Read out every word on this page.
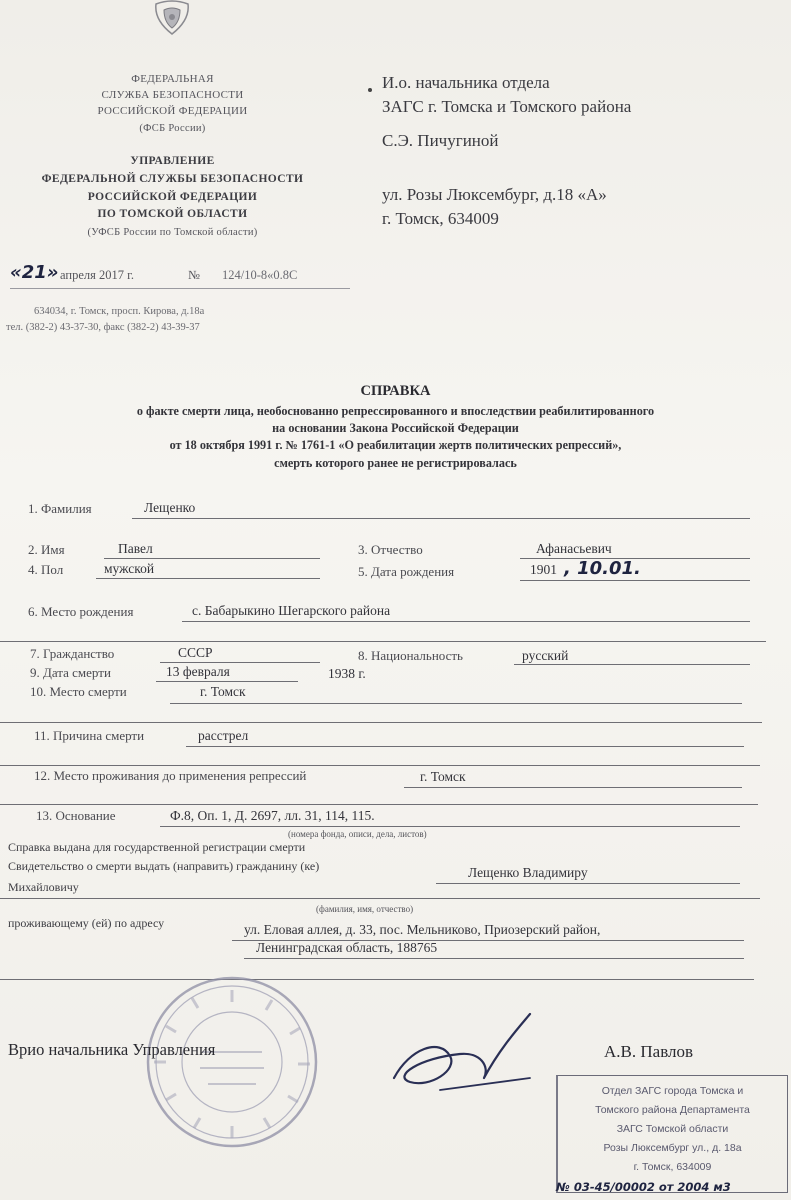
ФЕДЕРАЛЬНАЯ
СЛУЖБА БЕЗОПАСНОСТИ
РОССИЙСКОЙ ФЕДЕРАЦИИ
(ФСБ России)
УПРАВЛЕНИЕ
ФЕДЕРАЛЬНОЙ СЛУЖБЫ БЕЗОПАСНОСТИ
РОССИЙСКОЙ ФЕДЕРАЦИИ
ПО ТОМСКОЙ ОБЛАСТИ
(УФСБ России по Томской области)
«21» апреля 2017 г.	№ 124/10-8«0.8С
634034, г. Томск, просп. Кирова, д.18а
тел. (382-2) 43-37-30, факс (382-2) 43-39-37
И.о. начальника отдела
ЗАГС г. Томска и Томского района
С.Э. Пичугиной
ул. Розы Люксембург, д.18 «А»
г. Томск, 634009
СПРАВКА
о факте смерти лица, необоснованно репрессированного и впоследствии реабилитированного
на основании Закона Российской Федерации
от 18 октября 1991 г. № 1761-1 «О реабилитации жертв политических репрессий»,
смерть которого ранее не регистрировалась
1. Фамилия	Лещенко
2. Имя	Павел	3. Отчество	Афанасьевич
4. Пол	мужской	5. Дата рождения	1901 , 10.01.
6. Место рождения	с. Бабарыкино Шегарского района
7. Гражданство	СССР	8. Национальность	русский
9. Дата смерти	13 февраля	1938 г.
10. Место смерти	г. Томск
11. Причина смерти	расстрел
12. Место проживания до применения репрессий	г. Томск
13. Основание	Ф.8, Оп. 1, Д. 2697, лл. 31, 114, 115.
(номера фонда, описи, дела, листов)
Справка выдана для государственной регистрации смерти
Свидетельство о смерти выдать (направить) гражданину (ке)	Лещенко Владимиру
Михайловичу
(фамилия, имя, отчество)
проживающему (ей) по адресу	ул. Еловая аллея, д. 33, пос. Мельниково, Приозерский район,
Ленинградская область, 188765
Врио начальника Управления	А.В. Павлов
Отдел ЗАГС города Томска и
Томского района Департамента
ЗАГС Томской области
Розы Люксембург ул., д. 18а
г. Томск, 634009
№ 03-45/00002 от 2004 м3
